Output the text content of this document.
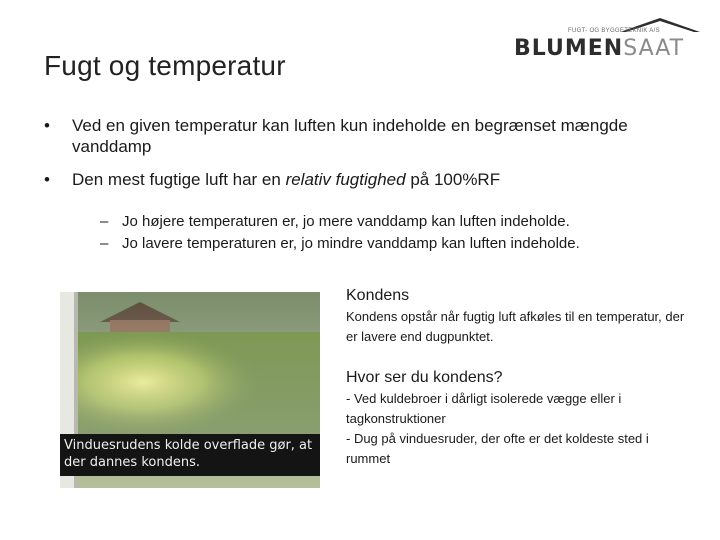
Fugt og temperatur
FUGT- OG BYGGETEKNIK A/S
BLUMENSAAT
• Ved en given temperatur kan luften kun indeholde en begrænset mængde vanddamp
• Den mest fugtige luft har en relativ fugtighed på 100%RF
– Jo højere temperaturen er, jo mere vanddamp kan luften indeholde.
– Jo lavere temperaturen er, jo mindre vanddamp kan luften indeholde.
Vinduesrudens kolde overflade gør, at der dannes kondens.
Kondens
Kondens opstår når fugtig luft afkøles til en temperatur, der er lavere end dugpunktet.
Hvor ser du kondens?
- Ved kuldebroer i dårligt isolerede vægge eller i tagkonstruktioner
- Dug på vinduesruder, der ofte er det koldeste sted i rummet
